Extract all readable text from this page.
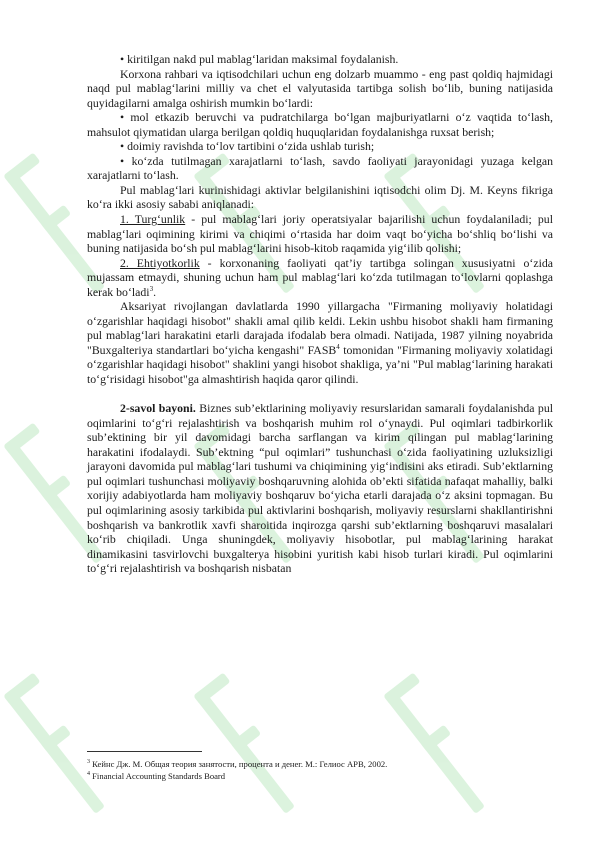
• kiritilgan nakd pul mablag‘laridan maksimal foydalanish.

Korxona rahbari va iqtisodchilari uchun eng dolzarb muammo - eng past qoldiq hajmidagi naqd pul mablag‘larini milliy va chet el valyutasida tartibga solish bo‘lib, buning natijasida quyidagilarni amalga oshirish mumkin bo‘lardi:

• mol etkazib beruvchi va pudratchilarga bo‘lgan majburiyatlarni o‘z vaqtida to‘lash, mahsulot qiymatidan ularga berilgan qoldiq huquqlaridan foydalanishga ruxsat berish;

• doimiy ravishda to‘lov tartibini o‘zida ushlab turish;

• ko‘zda tutilmagan xarajatlarni to‘lash, savdo faoliyati jarayonidagi yuzaga kelgan xarajatlarni to‘lash.

Pul mablag‘lari kurinishidagi aktivlar belgilanishini iqtisodchi olim Dj. M. Keyns fikriga ko‘ra ikki asosiy sababi aniqlanadi:

1. Turg‘unlik - pul mablag‘lari joriy operatsiyalar bajarilishi uchun foydalaniladi; pul mablag‘lari oqimining kirimi va chiqimi o‘rtasida har doim vaqt bo‘yicha bo‘shliq bo‘lishi va buning natijasida bo‘sh pul mablag‘larini hisob-kitob raqamida yig‘ilib qolishi;

2. Ehtiyotkorlik - korxonaning faoliyati qat’iy tartibga solingan xususiyatni o‘zida mujassam etmaydi, shuning uchun ham pul mablag‘lari ko‘zda tutilmagan to‘lovlarni qoplashga kerak bo‘ladi$^3$.

Aksariyat rivojlangan davlatlarda 1990 yillargacha "Firmaning moliyaviy holatidagi o‘zgarishlar haqidagi hisobot" shakli amal qilib keldi. Lekin ushbu hisobot shakli ham firmaning pul mablag‘lari harakatini etarli darajada ifodalab bera olmadi. Natijada, 1987 yilning noyabrida "Buxgalteriya standartlari bo‘yicha kengashi" FASB$^4$ tomonidan "Firmaning moliyaviy xolatidagi o‘zgarishlar haqidagi hisobot" shaklini yangi hisobot shakliga, ya’ni "Pul mablag‘larining harakati to‘g‘risidagi hisobot"ga almashtirish haqida qaror qilindi.

2-savol bayoni. Biznes sub’ektlarining moliyaviy resurslaridan samarali foydalanishda pul oqimlarini to‘g‘ri rejalashtirish va boshqarish muhim rol o‘ynaydi. Pul oqimlari tadbirkorlik sub’ektining bir yil davomidagi barcha sarflangan va kirim qilingan pul mablag‘larining harakatini ifodalaydi. Sub’ektning “pul oqimlari” tushunchasi o‘zida faoliyatining uzluksizligi jarayoni davomida pul mablag‘lari tushumi va chiqimining yig‘indisini aks etiradi. Sub’ektlarning pul oqimlari tushunchasi moliyaviy boshqaruvning alohida ob’ekti sifatida nafaqat mahalliy, balki xorijiy adabiyotlarda ham moliyaviy boshqaruv bo‘yicha etarli darajada o‘z aksini topmagan. Bu pul oqimlarining asosiy tarkibida pul aktivlarini boshqarish, moliyaviy resurslarni shakllantirishni boshqarish va bankrotlik xavfi sharoitida inqirozga qarshi sub’ektlarning boshqaruvi masalalari ko‘rib chiqiladi. Unga shuningdek, moliyaviy hisobotlar, pul mablag‘larining harakat dinamikasini tasvirlovchi buxgalterya hisobini yuritish kabi hisob turlari kiradi. Pul oqimlarini to‘g‘ri rejalashtirish va boshqarish nisbatan

$^3$ Кейнс Дж. М. Общая теория занятости, процента и денег. М.: Гелиос АРВ, 2002.

$^4$ Financial Accounting Standards Board
